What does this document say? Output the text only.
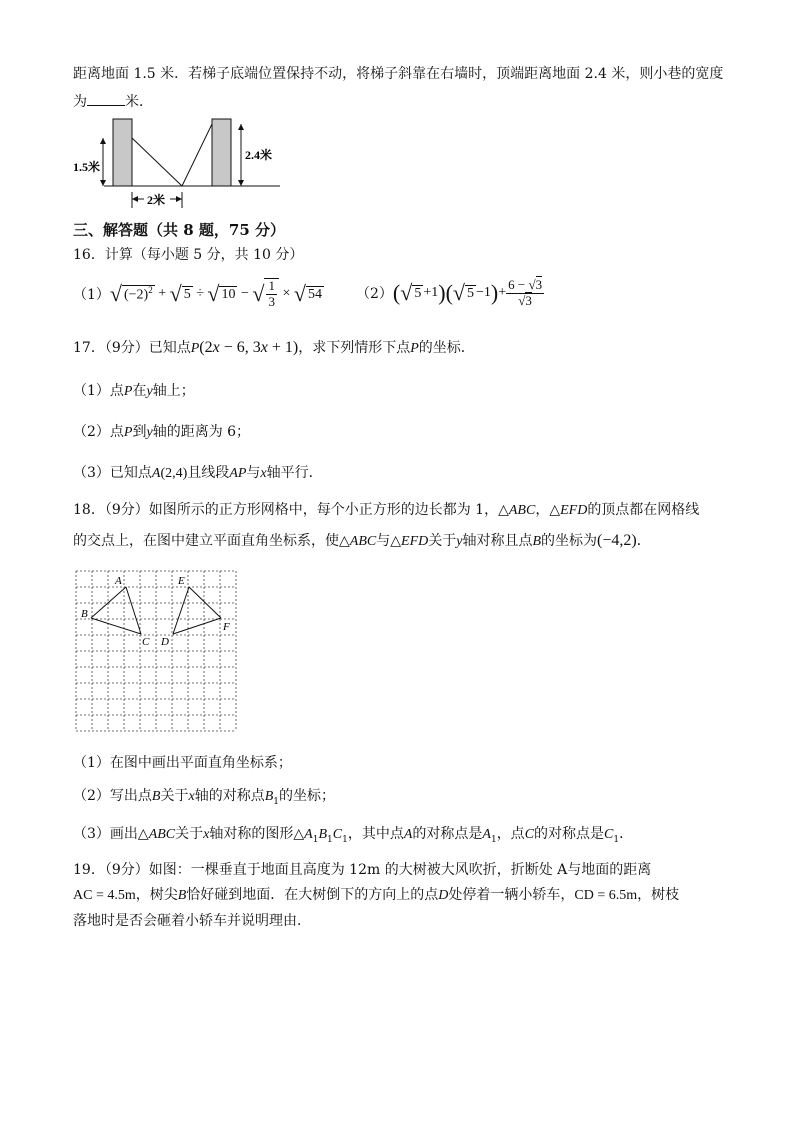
距离地面 1.5 米．若梯子底端位置保持不动，将梯子斜靠在右墙时，顶端距离地面 2.4 米，则小巷的宽度
为	米．
1.5米
2.4米
2米
三、解答题（共 8 题，75 分）
16．计算（每小题 5 分，共 10 分）
（1） √ $(-2)^2$ + √ 5 ÷ √ 10 − √ $\frac{1}{3}$ × √ 54 （2） ( √ 5 +1 ) ( √ 5 −1 ) + $\frac{6 - √3}{√3}$
17．（9分）已知点P(2x − 6, 3x + 1)，求下列情形下点P的坐标．
（1）点P在y轴上；
（2）点P到y轴的距离为 6；
（3）已知点A(2,4)且线段AP与x轴平行．
18．（9分）如图所示的正方形网格中，每个小正方形的边长都为 1，△ABC，△EFD的顶点都在网格线
的交点上，在图中建立平面直角坐标系，使△ABC与△EFD关于y轴对称且点B的坐标为(−4,2)．
A
B
C
E
D
F
（1）在图中画出平面直角坐标系；
（2）写出点B关于x轴的对称点$B_1$的坐标；
（3）画出△ABC关于x轴对称的图形$\triangle A_1B_1C_1$，其中点A的对称点是$A_1$，点C的对称点是$C_1$．
19．（9分）如图：一棵垂直于地面且高度为 12m 的大树被大风吹折，折断处 A与地面的距离
AC = 4.5m，树尖B恰好碰到地面．在大树倒下的方向上的点D处停着一辆小轿车，CD = 6.5m，树枝
落地时是否会砸着小轿车并说明理由．
